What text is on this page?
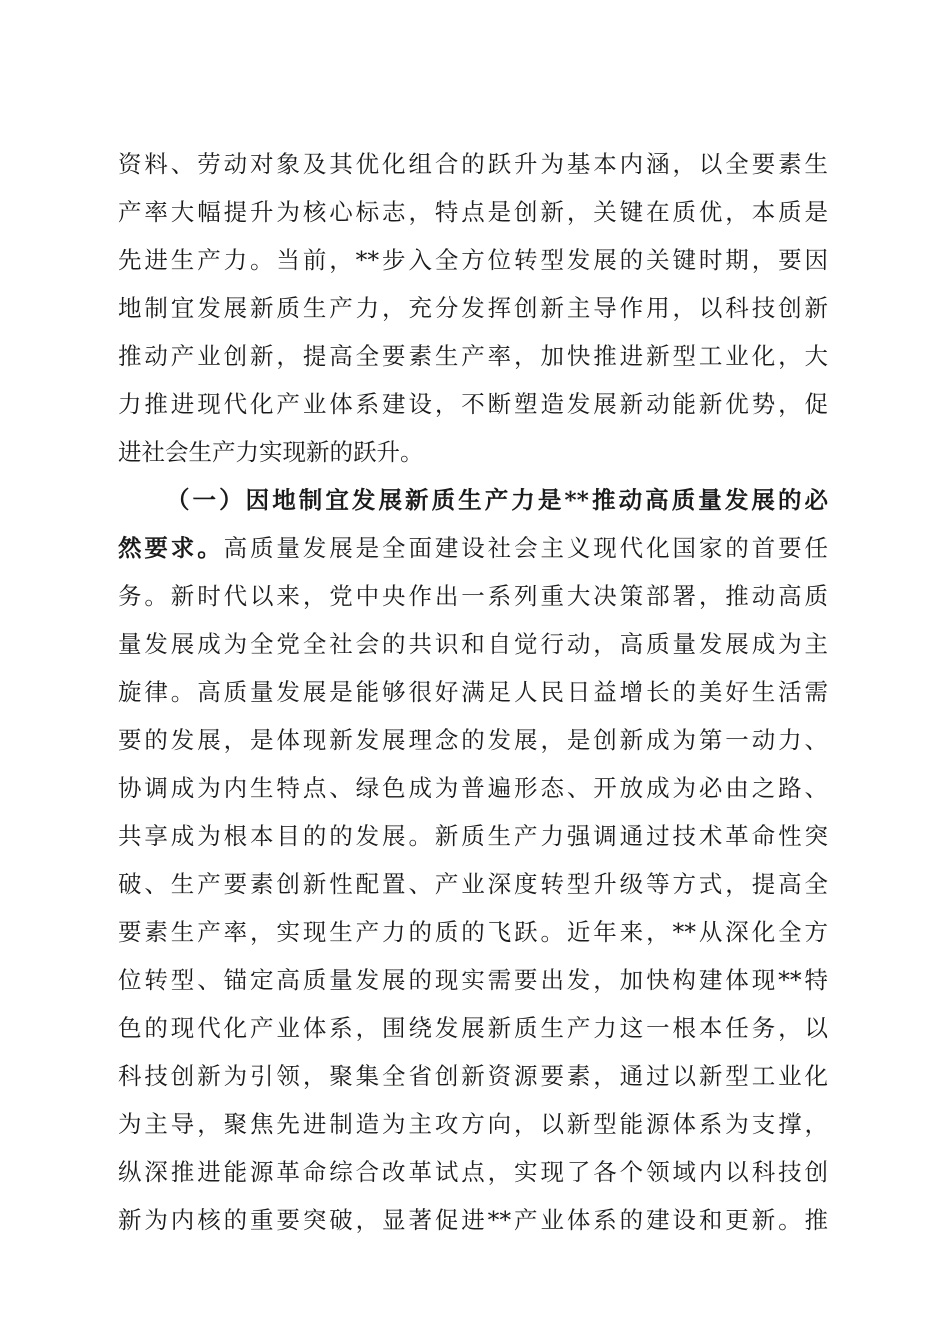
资料、劳动对象及其优化组合的跃升为基本内涵，以全要素生
产率大幅提升为核心标志，特点是创新，关键在质优，本质是
先进生产力。当前，**步入全方位转型发展的关键时期，要因
地制宜发展新质生产力，充分发挥创新主导作用，以科技创新
推动产业创新，提高全要素生产率，加快推进新型工业化，大
力推进现代化产业体系建设，不断塑造发展新动能新优势，促
进社会生产力实现新的跃升。
（一）因地制宜发展新质生产力是**推动高质量发展的必
然要求。高质量发展是全面建设社会主义现代化国家的首要任
务。新时代以来，党中央作出一系列重大决策部署，推动高质
量发展成为全党全社会的共识和自觉行动，高质量发展成为主
旋律。高质量发展是能够很好满足人民日益增长的美好生活需
要的发展，是体现新发展理念的发展，是创新成为第一动力、
协调成为内生特点、绿色成为普遍形态、开放成为必由之路、
共享成为根本目的的发展。新质生产力强调通过技术革命性突
破、生产要素创新性配置、产业深度转型升级等方式，提高全
要素生产率，实现生产力的质的飞跃。近年来，**从深化全方
位转型、锚定高质量发展的现实需要出发，加快构建体现**特
色的现代化产业体系，围绕发展新质生产力这一根本任务，以
科技创新为引领，聚集全省创新资源要素，通过以新型工业化
为主导，聚焦先进制造为主攻方向，以新型能源体系为支撑，
纵深推进能源革命综合改革试点，实现了各个领域内以科技创
新为内核的重要突破，显著促进**产业体系的建设和更新。推
